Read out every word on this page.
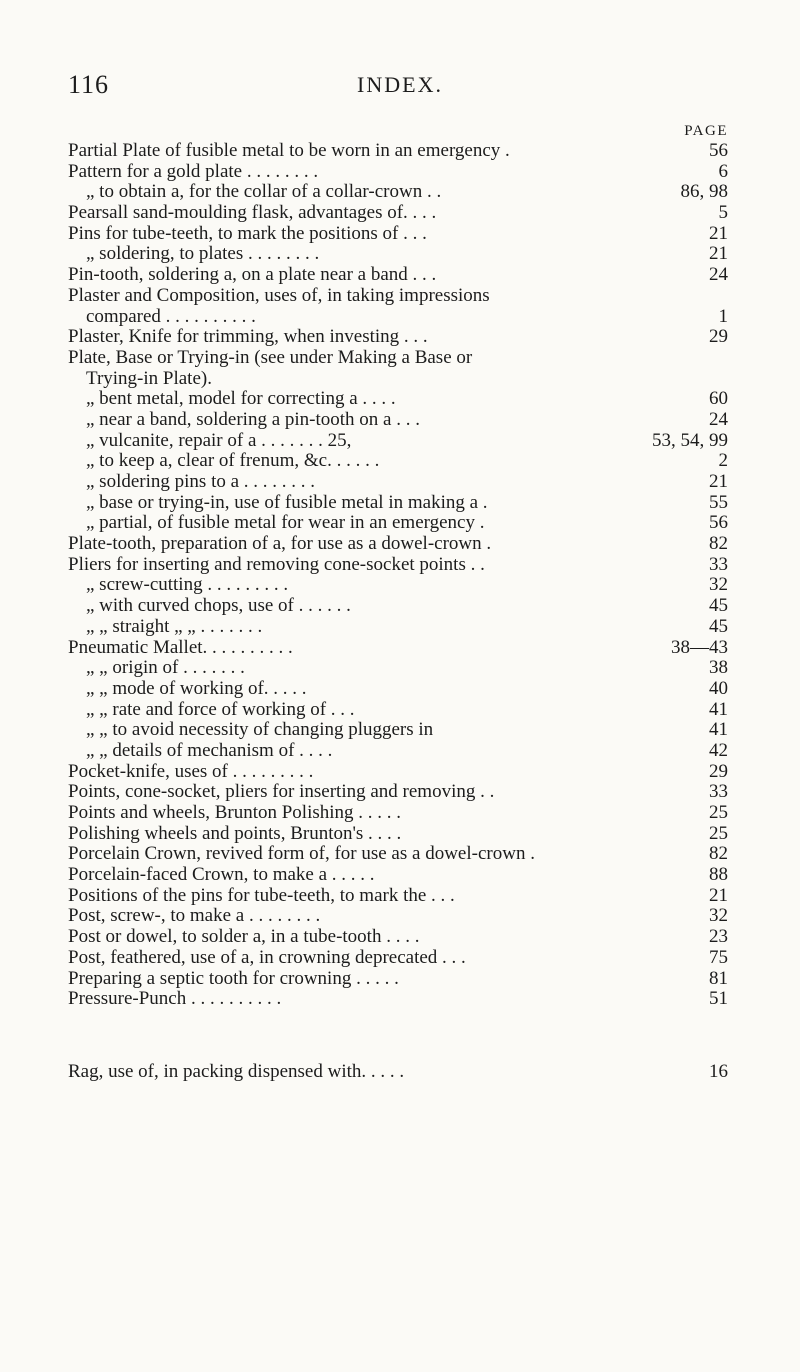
116	INDEX.
PAGE
Partial Plate of fusible metal to be worn in an emergency .	56
Pattern for a gold plate . . . . . . . .	6
„ to obtain a, for the collar of a collar-crown . .	86, 98
Pearsall sand-moulding flask, advantages of. . . .	5
Pins for tube-teeth, to mark the positions of . . .	21
„ soldering, to plates . . . . . . . .	21
Pin-tooth, soldering a, on a plate near a band . . .	24
Plaster and Composition, uses of, in taking impressions
compared . . . . . . . . . .	1
Plaster, Knife for trimming, when investing . . .	29
Plate, Base or Trying-in (see under Making a Base or
Trying-in Plate).
„ bent metal, model for correcting a . . . .	60
„ near a band, soldering a pin-tooth on a . . .	24
„ vulcanite, repair of a . . . . . . . 25,	53, 54, 99
„ to keep a, clear of frenum, &c. . . . . .	2
„ soldering pins to a . . . . . . . .	21
„ base or trying-in, use of fusible metal in making a .	55
„ partial, of fusible metal for wear in an emergency .	56
Plate-tooth, preparation of a, for use as a dowel-crown .	82
Pliers for inserting and removing cone-socket points . .	33
„ screw-cutting . . . . . . . . .	32
„ with curved chops, use of . . . . . .	45
„ „ straight „ „ . . . . . . .	45
Pneumatic Mallet. . . . . . . . . .	38—43
„ „ origin of . . . . . . .	38
„ „ mode of working of. . . . .	40
„ „ rate and force of working of . . .	41
„ „ to avoid necessity of changing pluggers in	41
„ „ details of mechanism of . . . .	42
Pocket-knife, uses of . . . . . . . . .	29
Points, cone-socket, pliers for inserting and removing . .	33
Points and wheels, Brunton Polishing . . . . .	25
Polishing wheels and points, Brunton's . . . .	25
Porcelain Crown, revived form of, for use as a dowel-crown .	82
Porcelain-faced Crown, to make a . . . . .	88
Positions of the pins for tube-teeth, to mark the . . .	21
Post, screw-, to make a . . . . . . . .	32
Post or dowel, to solder a, in a tube-tooth . . . .	23
Post, feathered, use of a, in crowning deprecated . . .	75
Preparing a septic tooth for crowning . . . . .	81
Pressure-Punch . . . . . . . . . .	51
Rag, use of, in packing dispensed with. . . . .	16
